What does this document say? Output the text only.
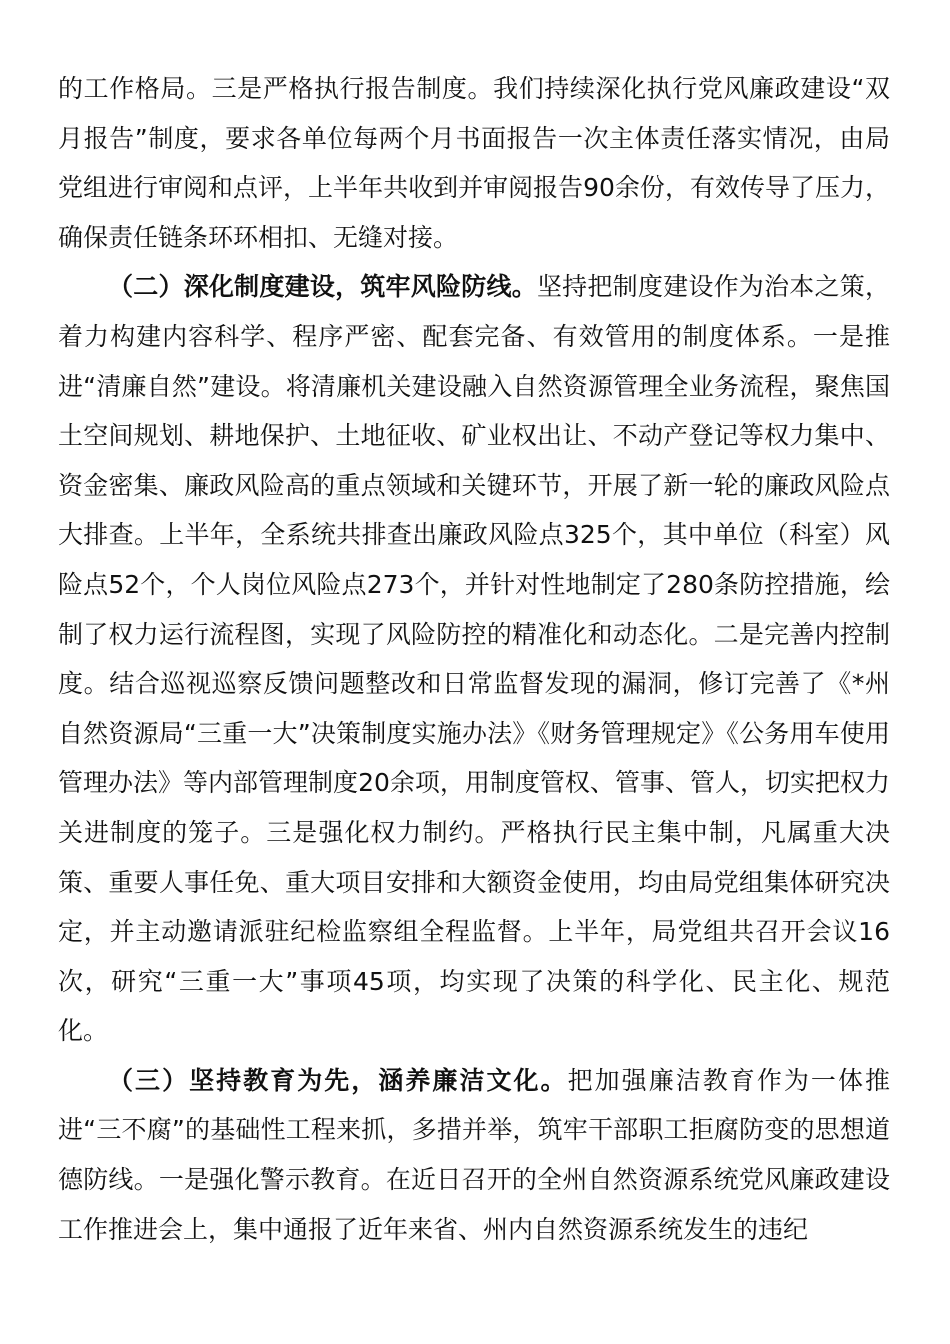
的工作格局。三是严格执行报告制度。我们持续深化执行党风廉政建设“双月报告”制度，要求各单位每两个月书面报告一次主体责任落实情况，由局党组进行审阅和点评，上半年共收到并审阅报告90余份，有效传导了压力，确保责任链条环环相扣、无缝对接。

（二）深化制度建设，筑牢风险防线。坚持把制度建设作为治本之策，着力构建内容科学、程序严密、配套完备、有效管用的制度体系。一是推进“清廉自然”建设。将清廉机关建设融入自然资源管理全业务流程，聚焦国土空间规划、耕地保护、土地征收、矿业权出让、不动产登记等权力集中、资金密集、廉政风险高的重点领域和关键环节，开展了新一轮的廉政风险点大排查。上半年，全系统共排查出廉政风险点325个，其中单位（科室）风险点52个，个人岗位风险点273个，并针对性地制定了280条防控措施，绘制了权力运行流程图，实现了风险防控的精准化和动态化。二是完善内控制度。结合巡视巡察反馈问题整改和日常监督发现的漏洞，修订完善了《*州自然资源局“三重一大”决策制度实施办法》《财务管理规定》《公务用车使用管理办法》等内部管理制度20余项，用制度管权、管事、管人，切实把权力关进制度的笼子。三是强化权力制约。严格执行民主集中制，凡属重大决策、重要人事任免、重大项目安排和大额资金使用，均由局党组集体研究决定，并主动邀请派驻纪检监察组全程监督。上半年，局党组共召开会议16次，研究“三重一大”事项45项，均实现了决策的科学化、民主化、规范化。

（三）坚持教育为先，涵养廉洁文化。把加强廉洁教育作为一体推进“三不腐”的基础性工程来抓，多措并举，筑牢干部职工拒腐防变的思想道德防线。一是强化警示教育。在近日召开的全州自然资源系统党风廉政建设工作推进会上，集中通报了近年来省、州内自然资源系统发生的违纪
